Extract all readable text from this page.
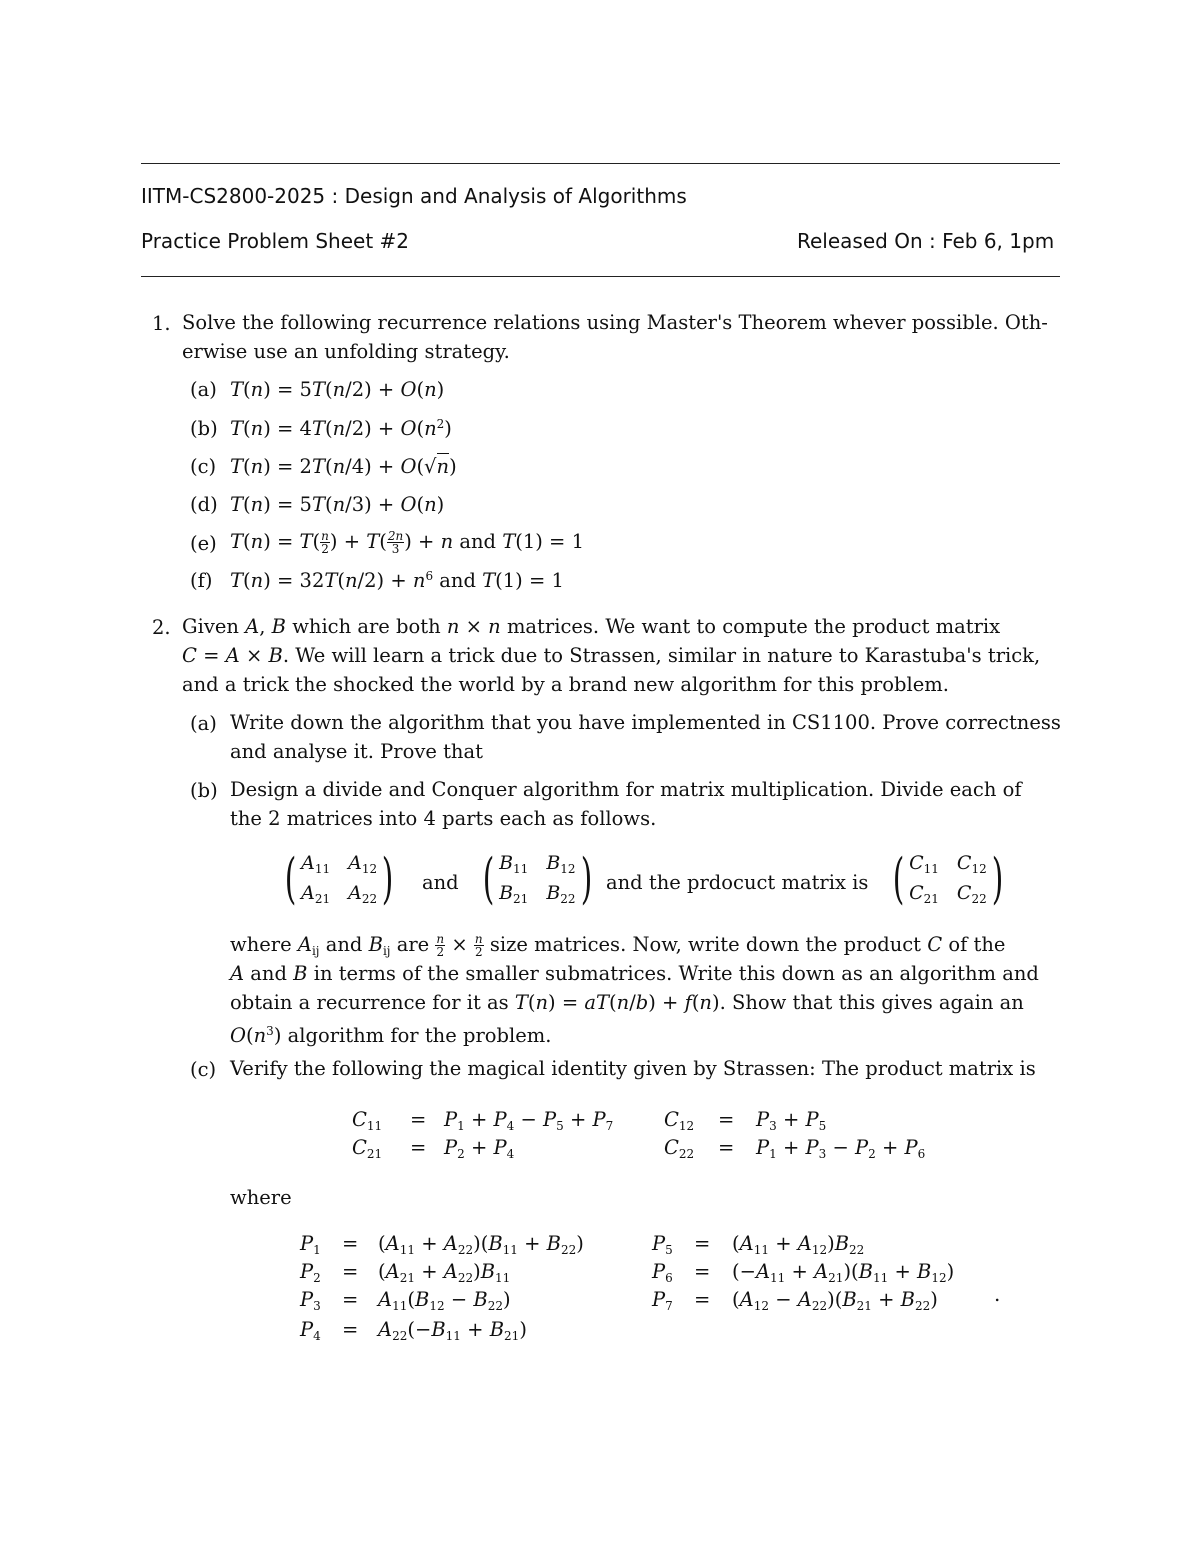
IITM-CS2800-2025 : Design and Analysis of Algorithms
Practice Problem Sheet #2	Released On : Feb 6, 1pm
1. Solve the following recurrence relations using Master's Theorem whever possible. Oth-
erwise use an unfolding strategy.
(a) T(n) = 5T(n/2) + O(n)
(b) $T(n) = 4T(n/2) + O(n^2)$
(c) T(n) = 2T(n/4) + O(√n)
(d) T(n) = 5T(n/3) + O(n)
(e) $T(n) = T( \frac{n}{2}$ ) + $T( \frac{2n}{3}$ ) + n and T(1) = 1
(f) $T(n) = 32T(n/2) + n^6$ and T(1) = 1
2. Given A, B which are both n × n matrices. We want to compute the product matrix
C = A × B. We will learn a trick due to Strassen, similar in nature to Karastuba's trick,
and a trick the shocked the world by a brand new algorithm for this problem.
(a) Write down the algorithm that you have implemented in CS1100. Prove correctness
and analyse it. Prove that
(b) Design a divide and Conquer algorithm for matrix multiplication. Divide each of
the 2 matrices into 4 parts each as follows.
( $A_{11}$ $A_{12}$
$A_{21}$ $A_{22}$ ) and ( $B_{11}$ $B_{12}$
$B_{21}$ $B_{22}$ ) and the prdocuct matrix is ( $C_{11}$ $C_{12}$
$C_{21}$ $C_{22}$ )
where $A_{ij}$ and $B_{ij}$ are $\frac{n}{2} \times \frac{n}{2}$ size matrices. Now, write down the product C of the
A and B in terms of the smaller submatrices. Write this down as an algorithm and
obtain a recurrence for it as T(n) = aT(n/b) + f(n). Show that this gives again an
$O(n^3)$ algorithm for the problem.
(c) Verify the following the magical identity given by Strassen: The product matrix is
$C_{11} = P_1 + P_4 - P_5 + P_7$	$C_{12} = P_3 + P_5$
$C_{21} = P_2 + P_4$	$C_{22} = P_1 + P_3 - P_2 + P_6$
where
$P_1 = (A_{11} + A_{22})(B_{11} + B_{22})$
$P_2 = (A_{21} + A_{22})B_{11}$
$P_3 = A_{11}(B_{12} - B_{22})$
$P_4 = A_{22}(-B_{11} + B_{21})$
$P_5 = (A_{11} + A_{12})B_{22}$
$P_6 = (-A_{11} + A_{21})(B_{11} + B_{12})$
$P_7 = (A_{12} - A_{22})(B_{21} + B_{22})$	.
